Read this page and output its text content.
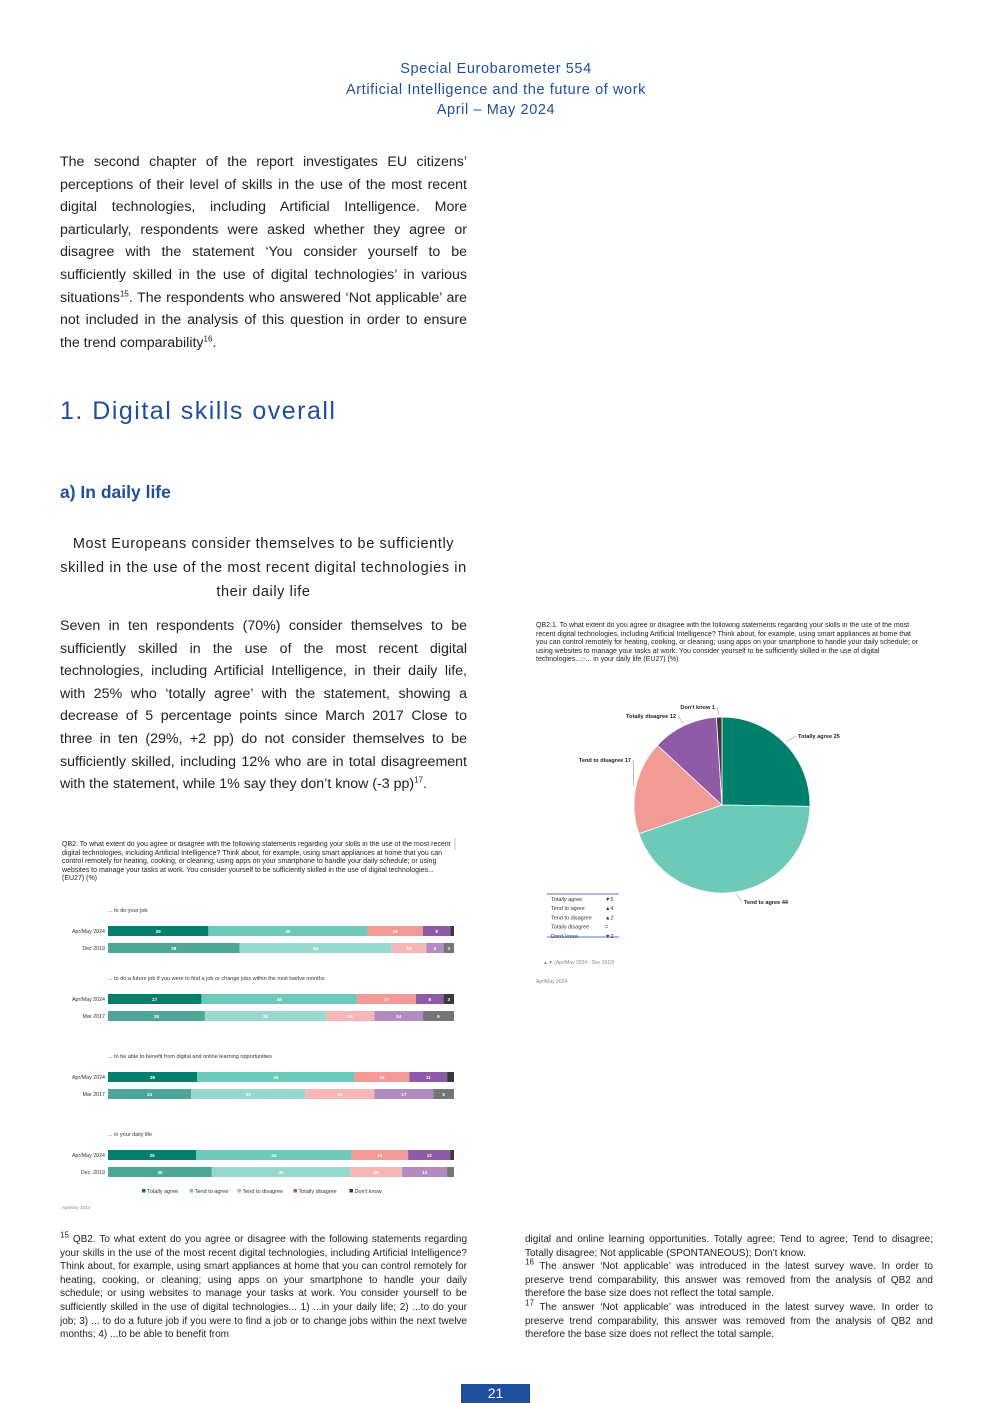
Special Eurobarometer 554
Artificial Intelligence and the future of work
April – May 2024
The second chapter of the report investigates EU citizens’ perceptions of their level of skills in the use of the most recent digital technologies, including Artificial Intelligence. More particularly, respondents were asked whether they agree or disagree with the statement ‘You consider yourself to be sufficiently skilled in the use of digital technologies’ in various situations$^{15}$. The respondents who answered ‘Not applicable’ are not included in the analysis of this question in order to ensure the trend comparability$^{16}$.
1. Digital skills overall
a) In daily life
Most Europeans consider themselves to be sufficiently skilled in the use of the most recent digital technologies in their daily life
Seven in ten respondents (70%) consider themselves to be sufficiently skilled in the use of the most recent digital technologies, including Artificial Intelligence, in their daily life, with 25% who ‘totally agree’ with the statement, showing a decrease of 5 percentage points since March 2017 Close to three in ten (29%, +2 pp) do not consider themselves to be sufficiently skilled, including 12% who are in total disagreement with the statement, while 1% say they don’t know (-3 pp)$^{17}$.
QB2. To what extent do you agree or disagree with the following statements regarding your skills in the use of the most recent digital technologies, including Artificial Intelligence? Think about, for example, using smart appliances at home that you can control remotely for heating, cooking, or cleaning; using apps on your smartphone to handle your daily schedule; or using websites to manage your tasks at work. You consider yourself to be sufficiently skilled in the use of digital technologies... (EU27) (%)
... to do your job
Apr/May 2024	29	46	16	8
Dec 2019	38	44	10	5 3
... to do a future job if you were to find a job or change jobs within the next twelve months
Apr/May 2024	27	45	17	8	3
Mar 2017	28	35	14	14	9
... to be able to benefit from digital and online learning opportunities
Apr/May 2024	26	46	16	11
Mar 2017	24	33	20	17	6
... in your daily life
Apr/May 2024	25	44	16	12
Dec. 2019	30	40	15	13
Totally agree	Tend to agree	Tend to disagree	Totally disagree	Don't know
Apr/May 2024
QB2.1. To what extent do you agree or disagree with the following statements regarding your skills in the use of the most recent digital technologies, including Artificial Intelligence? Think about, for example, using smart appliances at home that you can control remotely for heating, cooking, or cleaning; using apps on your smartphone to handle your daily schedule; or using websites to manage your tasks at work. You consider yourself to be sufficiently skilled in the use of digital technologies...:-... in your daily life (EU27) (%)
Totally agree 25
Tend to agree 44
Tend to disagree 17
Totally disagree 12
Don't know 1
Totally agree	▼5
Tend to agree	▲4
Tend to disagree ▲2
Totally disagree	=
Don't know	▼2
▲▼ (Apr/May 2024 - Dec 2019)
Apr/May 2024
$^{15}$ QB2. To what extent do you agree or disagree with the following statements regarding your skills in the use of the most recent digital technologies, including Artificial Intelligence? Think about, for example, using smart appliances at home that you can control remotely for heating, cooking, or cleaning; using apps on your smartphone to handle your daily schedule; or using websites to manage your tasks at work. You consider yourself to be sufficiently skilled in the use of digital technologies... 1) ...in your daily life; 2) ...to do your job; 3) ... to do a future job if you were to find a job or to change jobs within the next twelve months; 4) ...to be able to benefit from
digital and online learning opportunities. Totally agree; Tend to agree; Tend to disagree; Totally disagree; Not applicable (SPONTANEOUS); Don't know.
$^{16}$ The answer ‘Not applicable’ was introduced in the latest survey wave. In order to preserve trend comparability, this answer was removed from the analysis of QB2 and therefore the base size does not reflect the total sample.
$^{17}$ The answer ‘Not applicable’ was introduced in the latest survey wave. In order to preserve trend comparability, this answer was removed from the analysis of QB2 and therefore the base size does not reflect the total sample.
21
